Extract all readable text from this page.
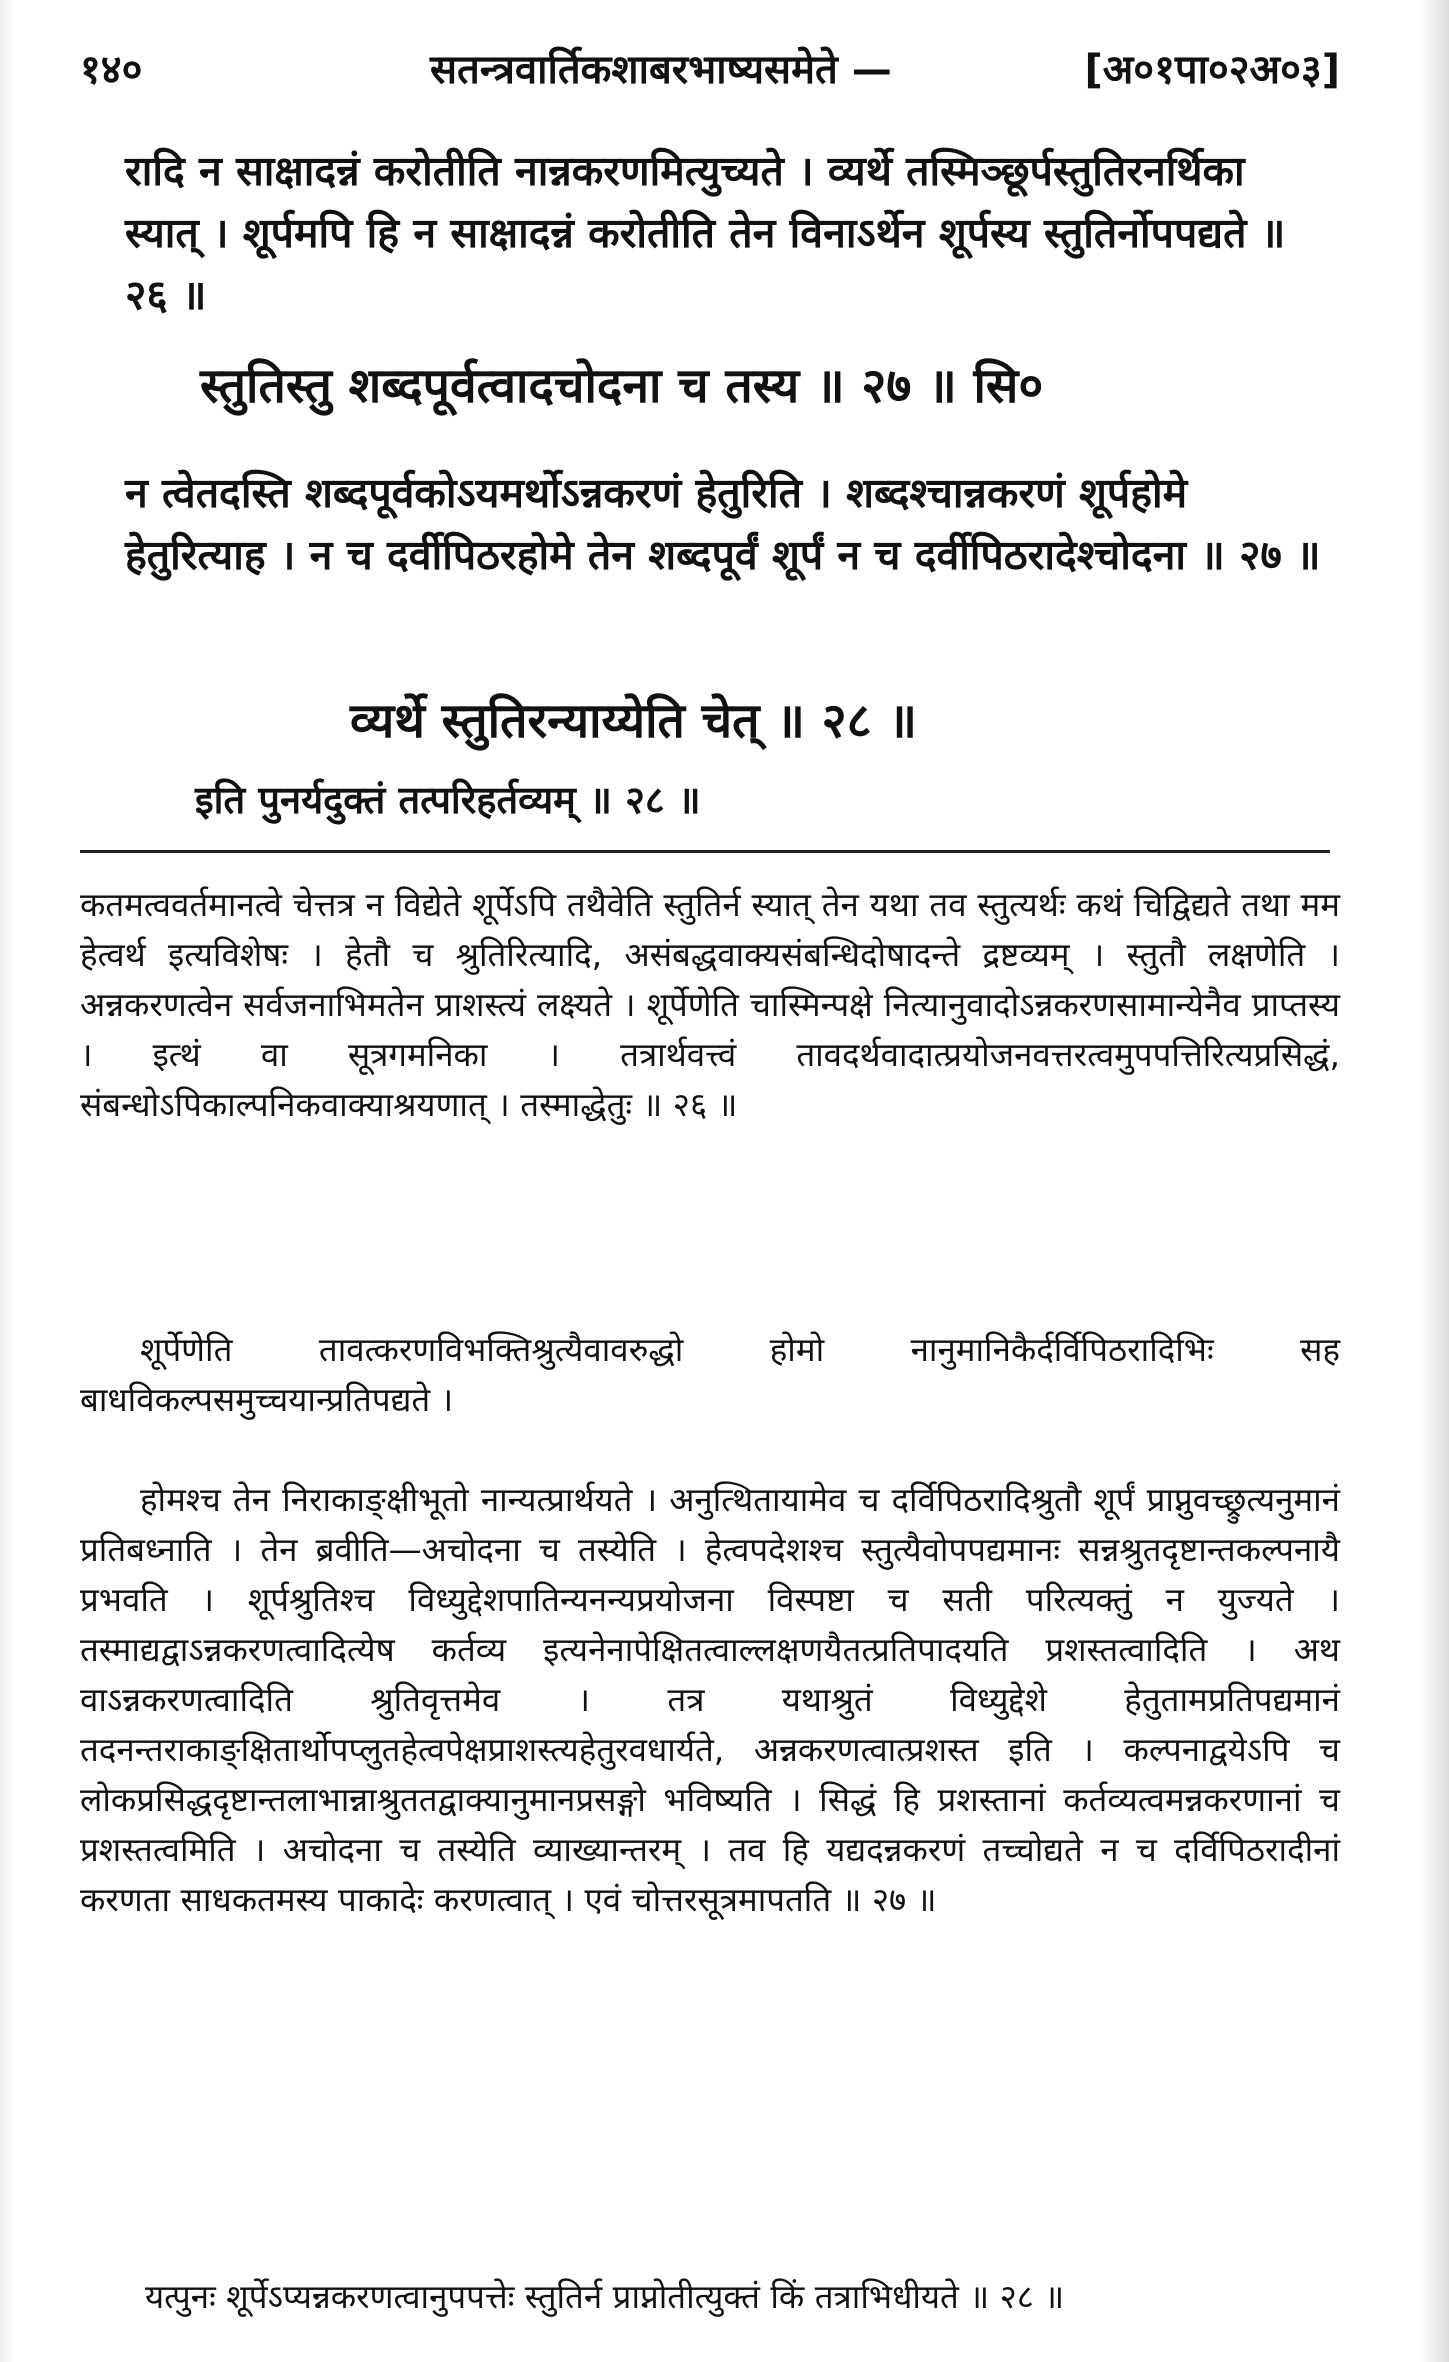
१४०	सतन्त्रवार्तिकशाबरभाष्यसमेते —	[अ०१पा०२अ०३]
रादि न साक्षादन्नं करोतीति नान्नकरणमित्युच्यते । व्यर्थे तस्मिञ्छूर्पस्तुतिरनर्थिका स्यात् । शूर्पमपि हि न साक्षादन्नं करोतीति तेन विनाऽर्थेन शूर्पस्य स्तुतिर्नोपपद्यते ॥ २६ ॥
स्तुतिस्तु शब्दपूर्वत्वादचोदना च तस्य ॥ २७ ॥ सि०
न त्वेतदस्ति शब्दपूर्वकोऽयमर्थोऽन्नकरणं हेतुरिति । शब्दश्चान्नकरणं शूर्पहोमे हेतुरित्याह । न च दर्वीपिठरहोमे तेन शब्दपूर्वं शूर्पं न च दर्वीपिठरादेश्चोदना ॥ २७ ॥
व्यर्थे स्तुतिरन्याय्येति चेत् ॥ २८ ॥
इति पुनर्यदुक्तं तत्परिहर्तव्यम् ॥ २८ ॥

कतमत्ववर्तमानत्वे चेत्तत्र न विद्येते शूर्पेऽपि तथैवेति स्तुतिर्न स्यात् तेन यथा तव स्तुत्यर्थः कथं चिद्विद्यते तथा मम हेत्वर्थ इत्यविशेषः । हेतौ च श्रुतिरित्यादि, असंबद्धवाक्यसंबन्धिदोषादन्ते द्रष्टव्यम् । स्तुतौ लक्षणेति । अन्नकरणत्वेन सर्वजनाभिमतेन प्राशस्त्यं लक्ष्यते । शूर्पेणेति चास्मिन्पक्षे नित्यानुवादोऽन्नकरणसामान्येनैव प्राप्तस्य । इत्थं वा सूत्रगमनिका । तत्रार्थवत्त्वं तावदर्थवादात्प्रयोजनवत्तरत्वमुपपत्तिरित्यप्रसिद्धं, संबन्धोऽपिकाल्पनिकवाक्याश्रयणात् । तस्माद्धेतुः ॥ २६ ॥

शूर्पेणेति तावत्करणविभक्तिश्रुत्यैवावरुद्धो होमो नानुमानिकैर्दर्विपिठरादिभिः सह बाधविकल्पसमुच्चयान्प्रतिपद्यते ।

होमश्च तेन निराकाङ्क्षीभूतो नान्यत्प्रार्थयते । अनुत्थितायामेव च दर्विपिठरादिश्रुतौ शूर्पं प्राप्नुवच्छ्रुत्यनुमानं प्रतिबध्नाति । तेन ब्रवीति—अचोदना च तस्येति । हेत्वपदेशश्च स्तुत्यैवोपपद्यमानः सन्नश्रुतदृष्टान्तकल्पनायै प्रभवति । शूर्पश्रुतिश्च विध्युद्देशपातिन्यनन्यप्रयोजना विस्पष्टा च सती परित्यक्तुं न युज्यते । तस्माद्यद्वाऽन्नकरणत्वादित्येष कर्तव्य इत्यनेनापेक्षितत्वाल्लक्षणयैतत्प्रतिपादयति प्रशस्तत्वादिति । अथ वाऽन्नकरणत्वादिति श्रुतिवृत्तमेव । तत्र यथाश्रुतं विध्युद्देशे हेतुतामप्रतिपद्यमानं तदनन्तराकाङ्क्षितार्थोपप्लुतहेत्वपेक्षप्राशस्त्यहेतुरवधार्यते, अन्नकरणत्वात्प्रशस्त इति । कल्पनाद्वयेऽपि च लोकप्रसिद्धदृष्टान्तलाभान्नाश्रुततद्वाक्यानुमानप्रसङ्गो भविष्यति । सिद्धं हि प्रशस्तानां कर्तव्यत्वमन्नकरणानां च प्रशस्तत्वमिति । अचोदना च तस्येति व्याख्यान्तरम् । तव हि यद्यदन्नकरणं तच्चोद्यते न च दर्विपिठरादीनां करणता साधकतमस्य पाकादेः करणत्वात् । एवं चोत्तरसूत्रमापतति ॥ २७ ॥

यत्पुनः शूर्पेऽप्यन्नकरणत्वानुपपत्तेः स्तुतिर्न प्राप्नोतीत्युक्तं किं तत्राभिधीयते ॥ २८ ॥
